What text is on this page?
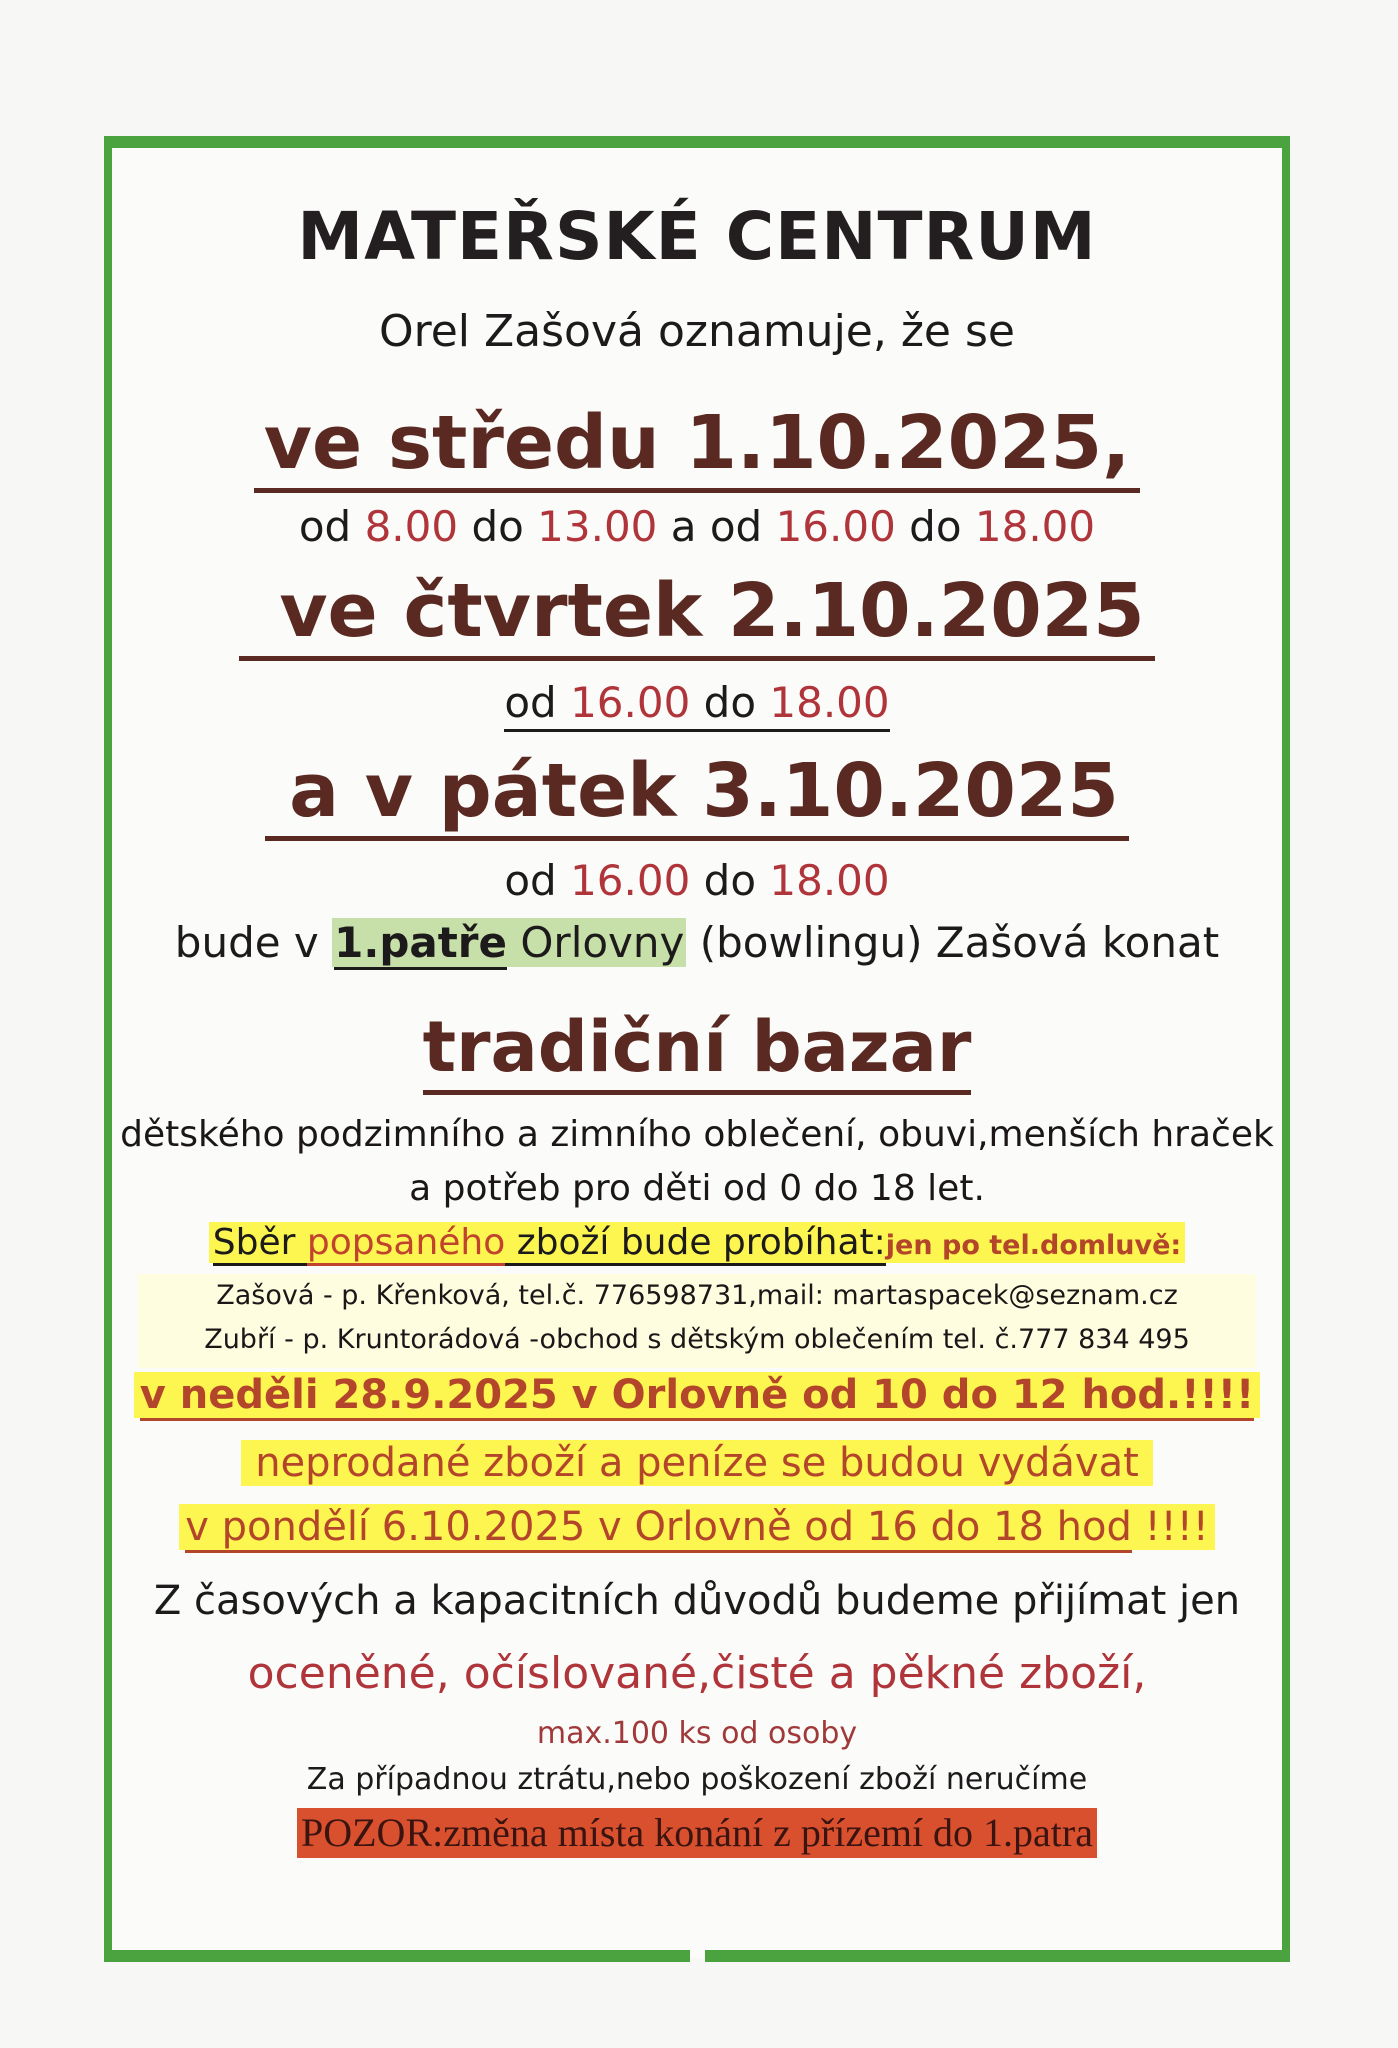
MATEŘSKÉ CENTRUM
Orel Zašová oznamuje, že se
ve středu 1.10.2025,
od 8.00 do 13.00 a od 16.00 do 18.00
ve čtvrtek 2.10.2025
od 16.00 do 18.00
a v pátek 3.10.2025
od 16.00 do 18.00
bude v 1.patře Orlovny (bowlingu) Zašová konat
tradiční bazar
dětského podzimního a zimního oblečení, obuvi,menších hraček
a potřeb pro děti od 0 do 18 let.
Sběr popsaného zboží bude probíhat:jen po tel.domluvě:
Zašová - p. Křenková, tel.č. 776598731,mail: martaspacek@seznam.cz
Zubří - p. Kruntorádová -obchod s dětským oblečením tel. č.777 834 495
v neděli 28.9.2025 v Orlovně od 10 do 12 hod.!!!!
neprodané zboží a peníze se budou vydávat
v pondělí 6.10.2025 v Orlovně od 16 do 18 hod !!!!
Z časových a kapacitních důvodů budeme přijímat jen
oceněné, očíslované,čisté a pěkné zboží,
max.100 ks od osoby
Za případnou ztrátu,nebo poškození zboží neručíme
POZOR:změna místa konání z přízemí do 1.patra
